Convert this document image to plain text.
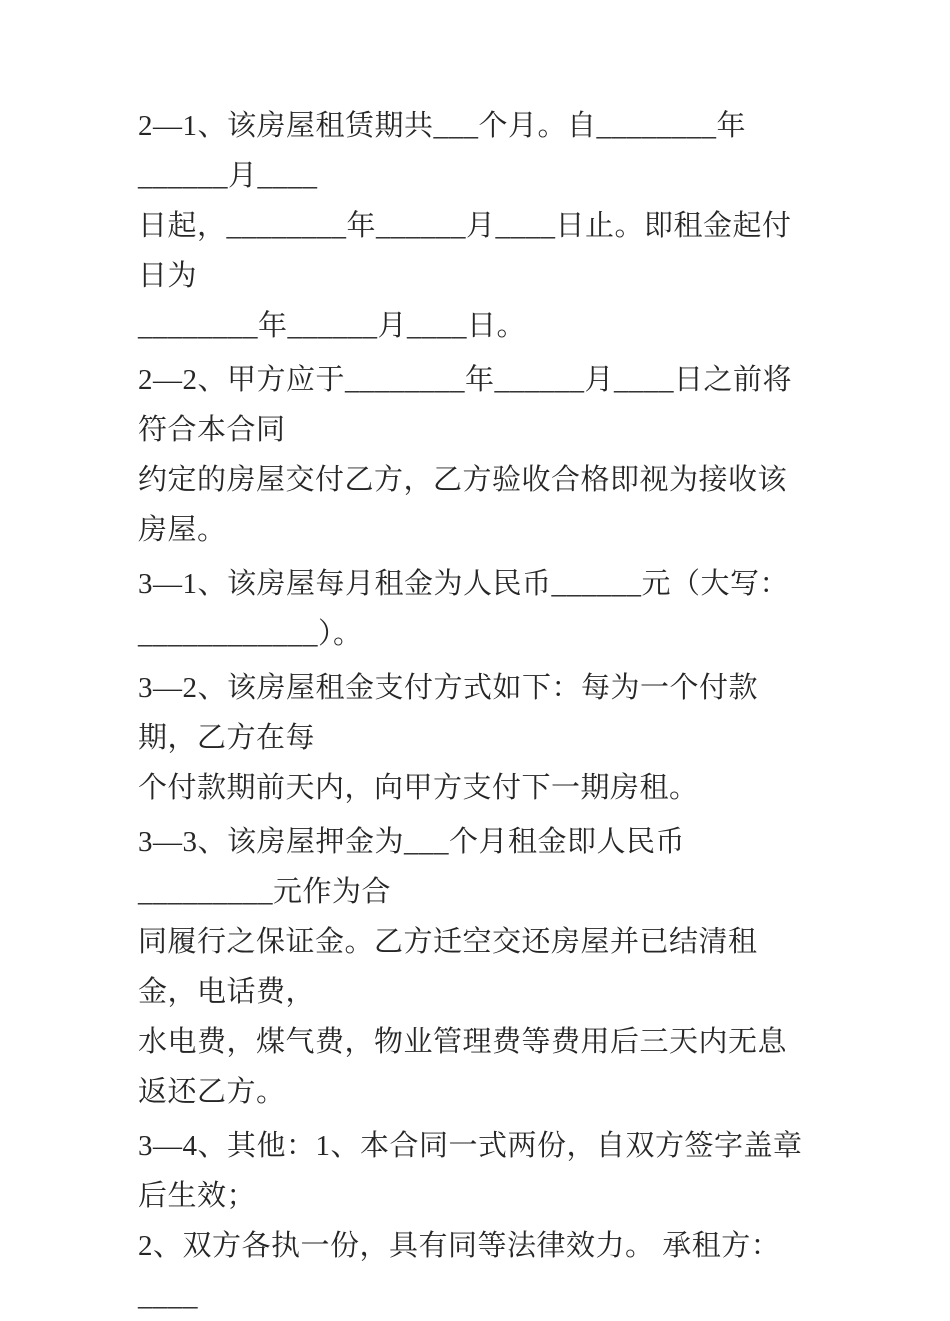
2—1、该房屋租赁期共___个月。自________年______月____
日起，________年______月____日止。即租金起付日为
________年______月____日。
2—2、甲方应于________年______月____日之前将符合本合同
约定的房屋交付乙方，乙方验收合格即视为接收该房屋。
3—1、该房屋每月租金为人民币______元（大写：
____________）。
3—2、该房屋租金支付方式如下：每为一个付款期，乙方在每
个付款期前天内，向甲方支付下一期房租。
3—3、该房屋押金为___个月租金即人民币_________元作为合
同履行之保证金。乙方迁空交还房屋并已结清租金，电话费，
水电费，煤气费，物业管理费等费用后三天内无息返还乙方。
3—4、其他：1、本合同一式两份，自双方签字盖章后生效；
2、双方各执一份，具有同等法律效力。 承租方：____
